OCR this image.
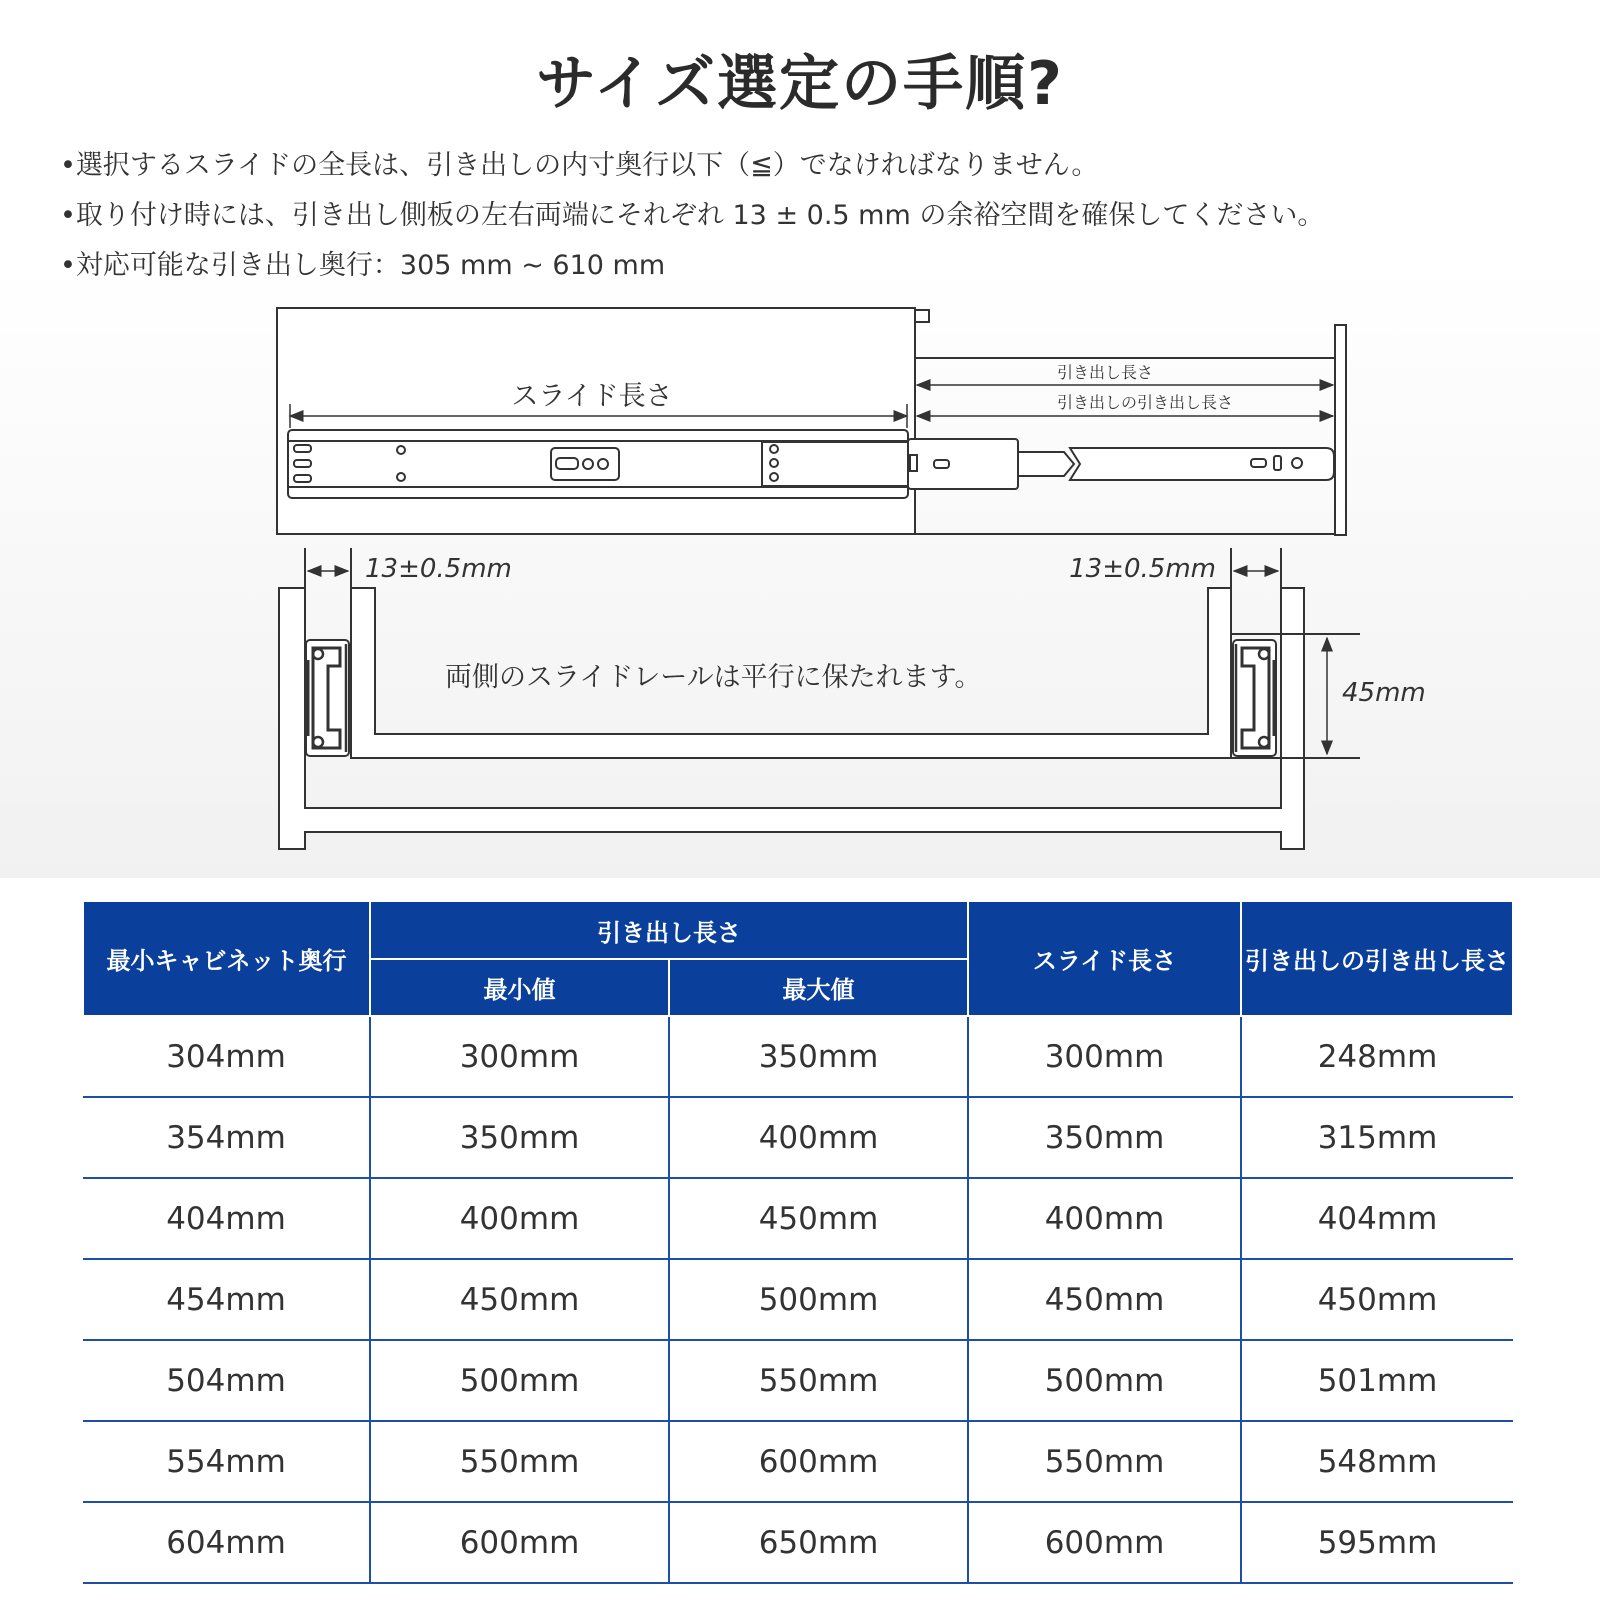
サイズ選定の手順?
•選択するスライドの全長は、引き出しの内寸奥行以下（≦）でなければなりません。
•取り付け時には、引き出し側板の左右両端にそれぞれ 13 ± 0.5 mm の余裕空間を確保してください。
•対応可能な引き出し奥行：305 mm ~ 610 mm
スライド長さ
引き出し長さ
引き出しの引き出し長さ
13±0.5mm	13±0.5mm
45mm
両側のスライドレールは平行に保たれます。
最小キャビネット奥行	引き出し長さ		スライド長さ	引き出しの引き出し長さ
	最小値	最大値		
304mm	300mm	350mm	300mm	248mm
354mm	350mm	400mm	350mm	315mm
404mm	400mm	450mm	400mm	404mm
454mm	450mm	500mm	450mm	450mm
504mm	500mm	550mm	500mm	501mm
554mm	550mm	600mm	550mm	548mm
604mm	600mm	650mm	600mm	595mm
